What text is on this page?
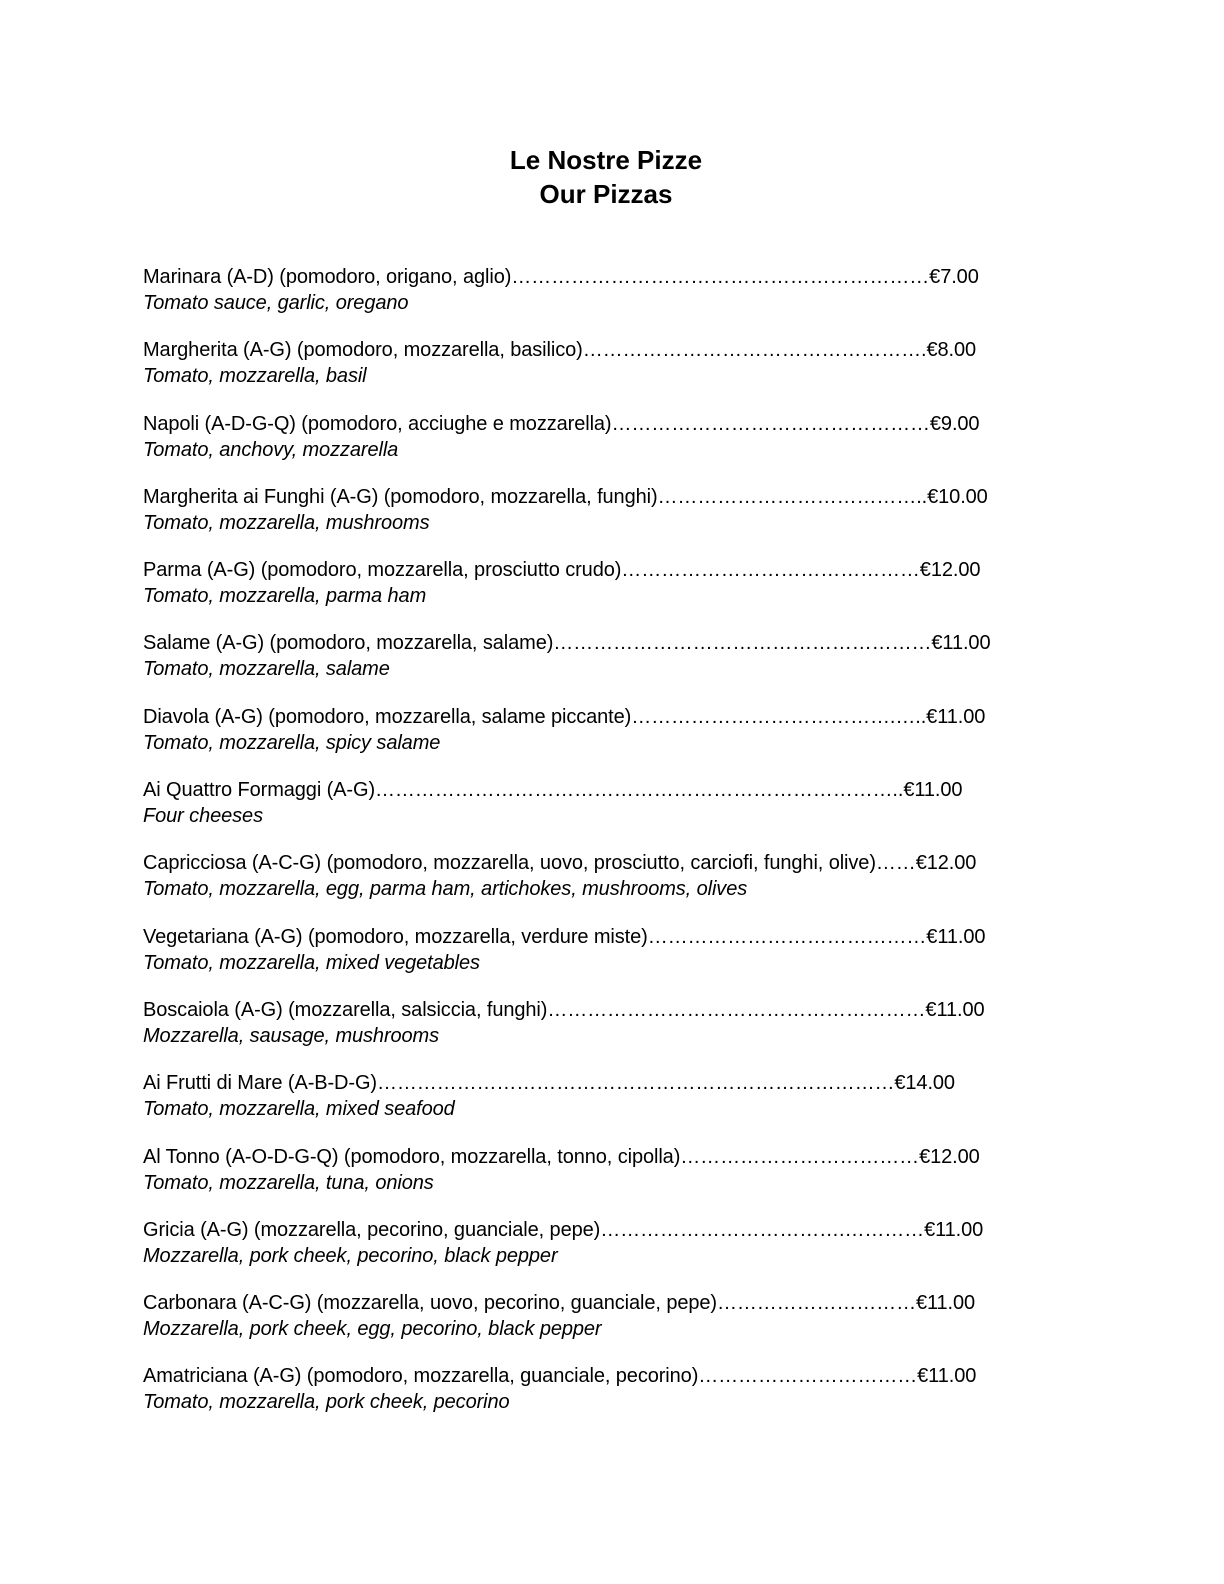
Le Nostre Pizze
Our Pizzas
Marinara (A-D) (pomodoro, origano, aglio)………………………………………………………€7.00
Tomato sauce, garlic, oregano
Margherita (A-G) (pomodoro, mozzarella, basilico)…………………………………………….€8.00
Tomato, mozzarella, basil
Napoli (A-D-G-Q) (pomodoro, acciughe e mozzarella)…………………………………………€9.00
Tomato, anchovy, mozzarella
Margherita ai Funghi (A-G) (pomodoro, mozzarella, funghi)…………………………………..€10.00
Tomato, mozzarella, mushrooms
Parma (A-G) (pomodoro, mozzarella, prosciutto crudo)………………………………………€12.00
Tomato, mozzarella, parma ham
Salame (A-G) (pomodoro, mozzarella, salame)…………………………………………………€11.00
Tomato, mozzarella, salame
Diavola (A-G) (pomodoro, mozzarella, salame piccante)………………………………….…..€11.00
Tomato, mozzarella, spicy salame
Ai Quattro Formaggi (A-G)……………………………………………………………………..€11.00
Four cheeses
Capricciosa (A-C-G) (pomodoro, mozzarella, uovo, prosciutto, carciofi, funghi, olive)……€12.00
Tomato, mozzarella, egg, parma ham, artichokes, mushrooms, olives
Vegetariana (A-G) (pomodoro, mozzarella, verdure miste)……………………………………€11.00
Tomato, mozzarella, mixed vegetables
Boscaiola (A-G) (mozzarella, salsiccia, funghi)…………………………………………………€11.00
Mozzarella, sausage, mushrooms
Ai Frutti di Mare (A-B-D-G)……………………………………………………………………€14.00
Tomato, mozzarella, mixed seafood
Al Tonno (A-O-D-G-Q) (pomodoro, mozzarella, tonno, cipolla)………………………………€12.00
Tomato, mozzarella, tuna, onions
Gricia (A-G) (mozzarella, pecorino, guanciale, pepe)……………………………….…………€11.00
Mozzarella, pork cheek, pecorino, black pepper
Carbonara (A-C-G) (mozzarella, uovo, pecorino, guanciale, pepe)…………………………€11.00
Mozzarella, pork cheek, egg, pecorino, black pepper
Amatriciana (A-G) (pomodoro, mozzarella, guanciale, pecorino)……………………………€11.00
Tomato, mozzarella, pork cheek, pecorino
